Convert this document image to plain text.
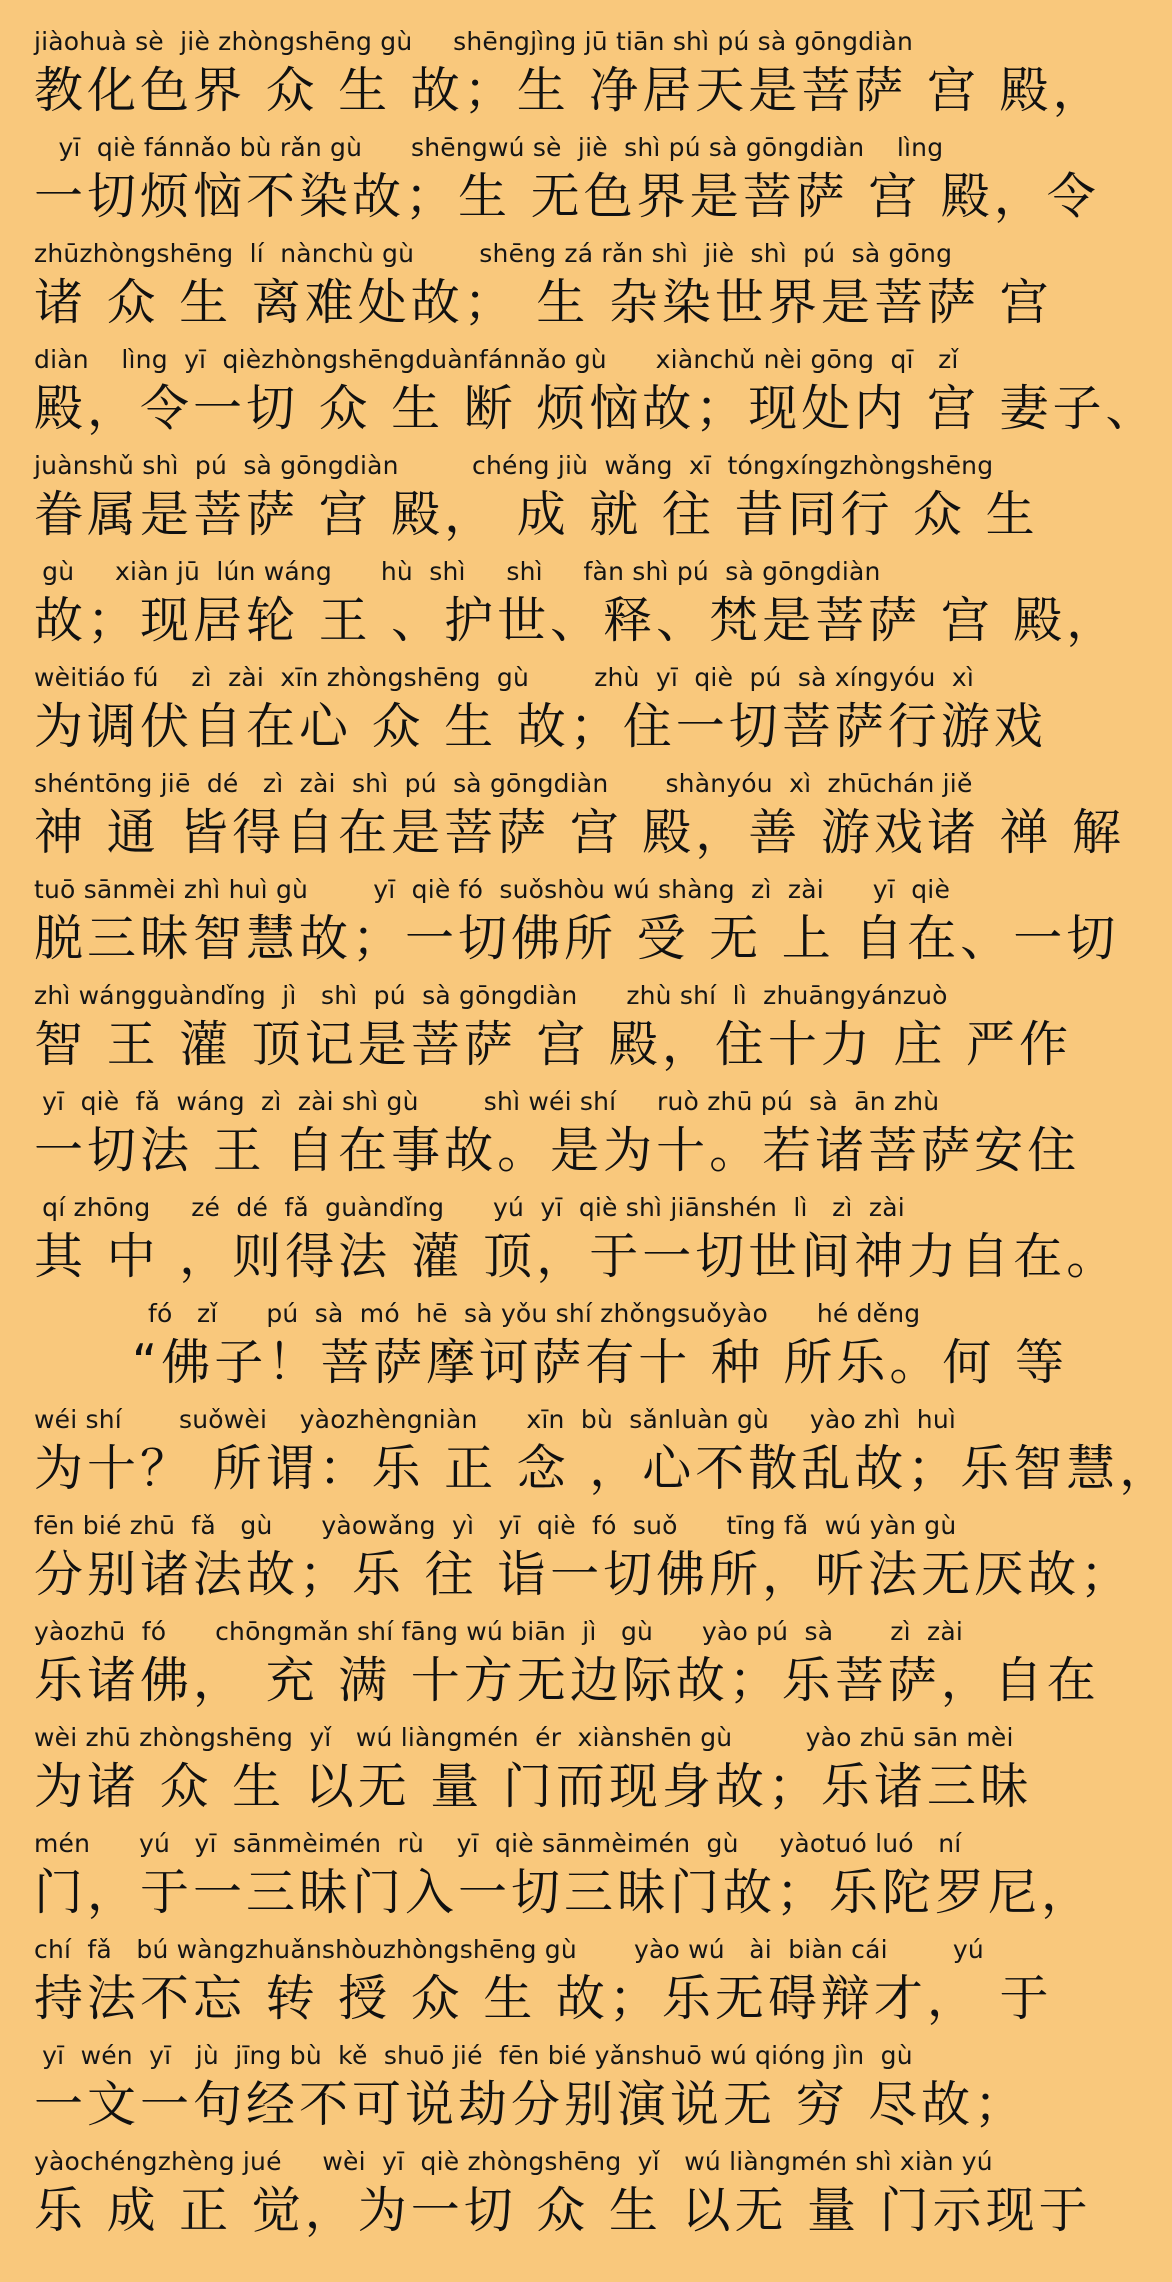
jiàohuà sè  jiè zhòngshēng gù     shēngjìng jū tiān shì pú sà gōngdiàn
教化色界 众 生 故；生 净居天是菩萨 宫 殿，
yī  qiè fánnǎo bù rǎn gù      shēngwú sè  jiè  shì pú sà gōngdiàn    lìng
一切烦恼不染故；生 无色界是菩萨 宫 殿，令
zhūzhòngshēng  lí  nànchù gù        shēng zá rǎn shì  jiè  shì  pú  sà gōng
诸 众 生 离难处故； 生 杂染世界是菩萨 宫
diàn    lìng  yī  qièzhòngshēngduànfánnǎo gù      xiànchǔ nèi gōng  qī   zǐ
殿，令一切 众 生 断 烦恼故；现处内 宫 妻子、
juànshǔ shì  pú  sà gōngdiàn         chéng jiù  wǎng  xī  tóngxíngzhòngshēng
眷属是菩萨 宫 殿， 成 就 往 昔同行 众 生
gù     xiàn jū  lún wáng      hù  shì     shì     fàn shì pú  sà gōngdiàn
故；现居轮 王 、护世、释、梵是菩萨 宫 殿，
wèitiáo fú    zì  zài  xīn zhòngshēng  gù        zhù  yī  qiè  pú  sà xíngyóu  xì
为调伏自在心 众 生 故；住一切菩萨行游戏
shéntōng jiē  dé   zì  zài  shì  pú  sà gōngdiàn       shànyóu  xì  zhūchán jiě
神 通 皆得自在是菩萨 宫 殿，善 游戏诸 禅 解
tuō sānmèi zhì huì gù        yī  qiè fó  suǒshòu wú shàng  zì  zài      yī  qiè
脱三昧智慧故；一切佛所 受 无 上 自在、一切
zhì wángguàndǐng  jì   shì  pú  sà gōngdiàn      zhù shí  lì  zhuāngyánzuò
智 王 灌 顶记是菩萨 宫 殿，住十力 庄 严作
yī  qiè  fǎ  wáng  zì  zài shì gù        shì wéi shí     ruò zhū pú  sà  ān zhù
一切法 王 自在事故。是为十。若诸菩萨安住
qí zhōng     zé  dé  fǎ  guàndǐng      yú  yī  qiè shì jiānshén  lì   zì  zài
其 中 ，则得法 灌 顶，于一切世间神力自在。
fó   zǐ      pú  sà  mó  hē  sà yǒu shí zhǒngsuǒyào      hé děng
“佛子！菩萨摩诃萨有十 种 所乐。何 等
wéi shí       suǒwèi    yàozhèngniàn      xīn  bù  sǎnluàn gù     yào zhì  huì
为十？ 所谓：乐 正 念 ，心不散乱故；乐智慧，
fēn bié zhū  fǎ   gù      yàowǎng  yì   yī  qiè  fó  suǒ      tīng fǎ  wú yàn gù
分别诸法故；乐 往 诣一切佛所，听法无厌故；
yàozhū  fó      chōngmǎn shí fāng wú biān  jì   gù      yào pú  sà       zì  zài
乐诸佛， 充 满 十方无边际故；乐菩萨，自在
wèi zhū zhòngshēng  yǐ   wú liàngmén  ér  xiànshēn gù         yào zhū sān mèi
为诸 众 生 以无 量 门而现身故；乐诸三昧
mén      yú   yī  sānmèimén  rù    yī  qiè sānmèimén  gù     yàotuó luó   ní
门，于一三昧门入一切三昧门故；乐陀罗尼，
chí  fǎ   bú wàngzhuǎnshòuzhòngshēng gù       yào wú   ài  biàn cái        yú
持法不忘 转 授 众 生 故；乐无碍辩才， 于
yī  wén  yī   jù  jīng bù  kě  shuō jié  fēn bié yǎnshuō wú qióng jìn  gù
一文一句经不可说劫分别演说无 穷 尽故；
yàochéngzhèng jué     wèi  yī  qiè zhòngshēng  yǐ   wú liàngmén shì xiàn yú
乐 成 正 觉，为一切 众 生 以无 量 门示现于
